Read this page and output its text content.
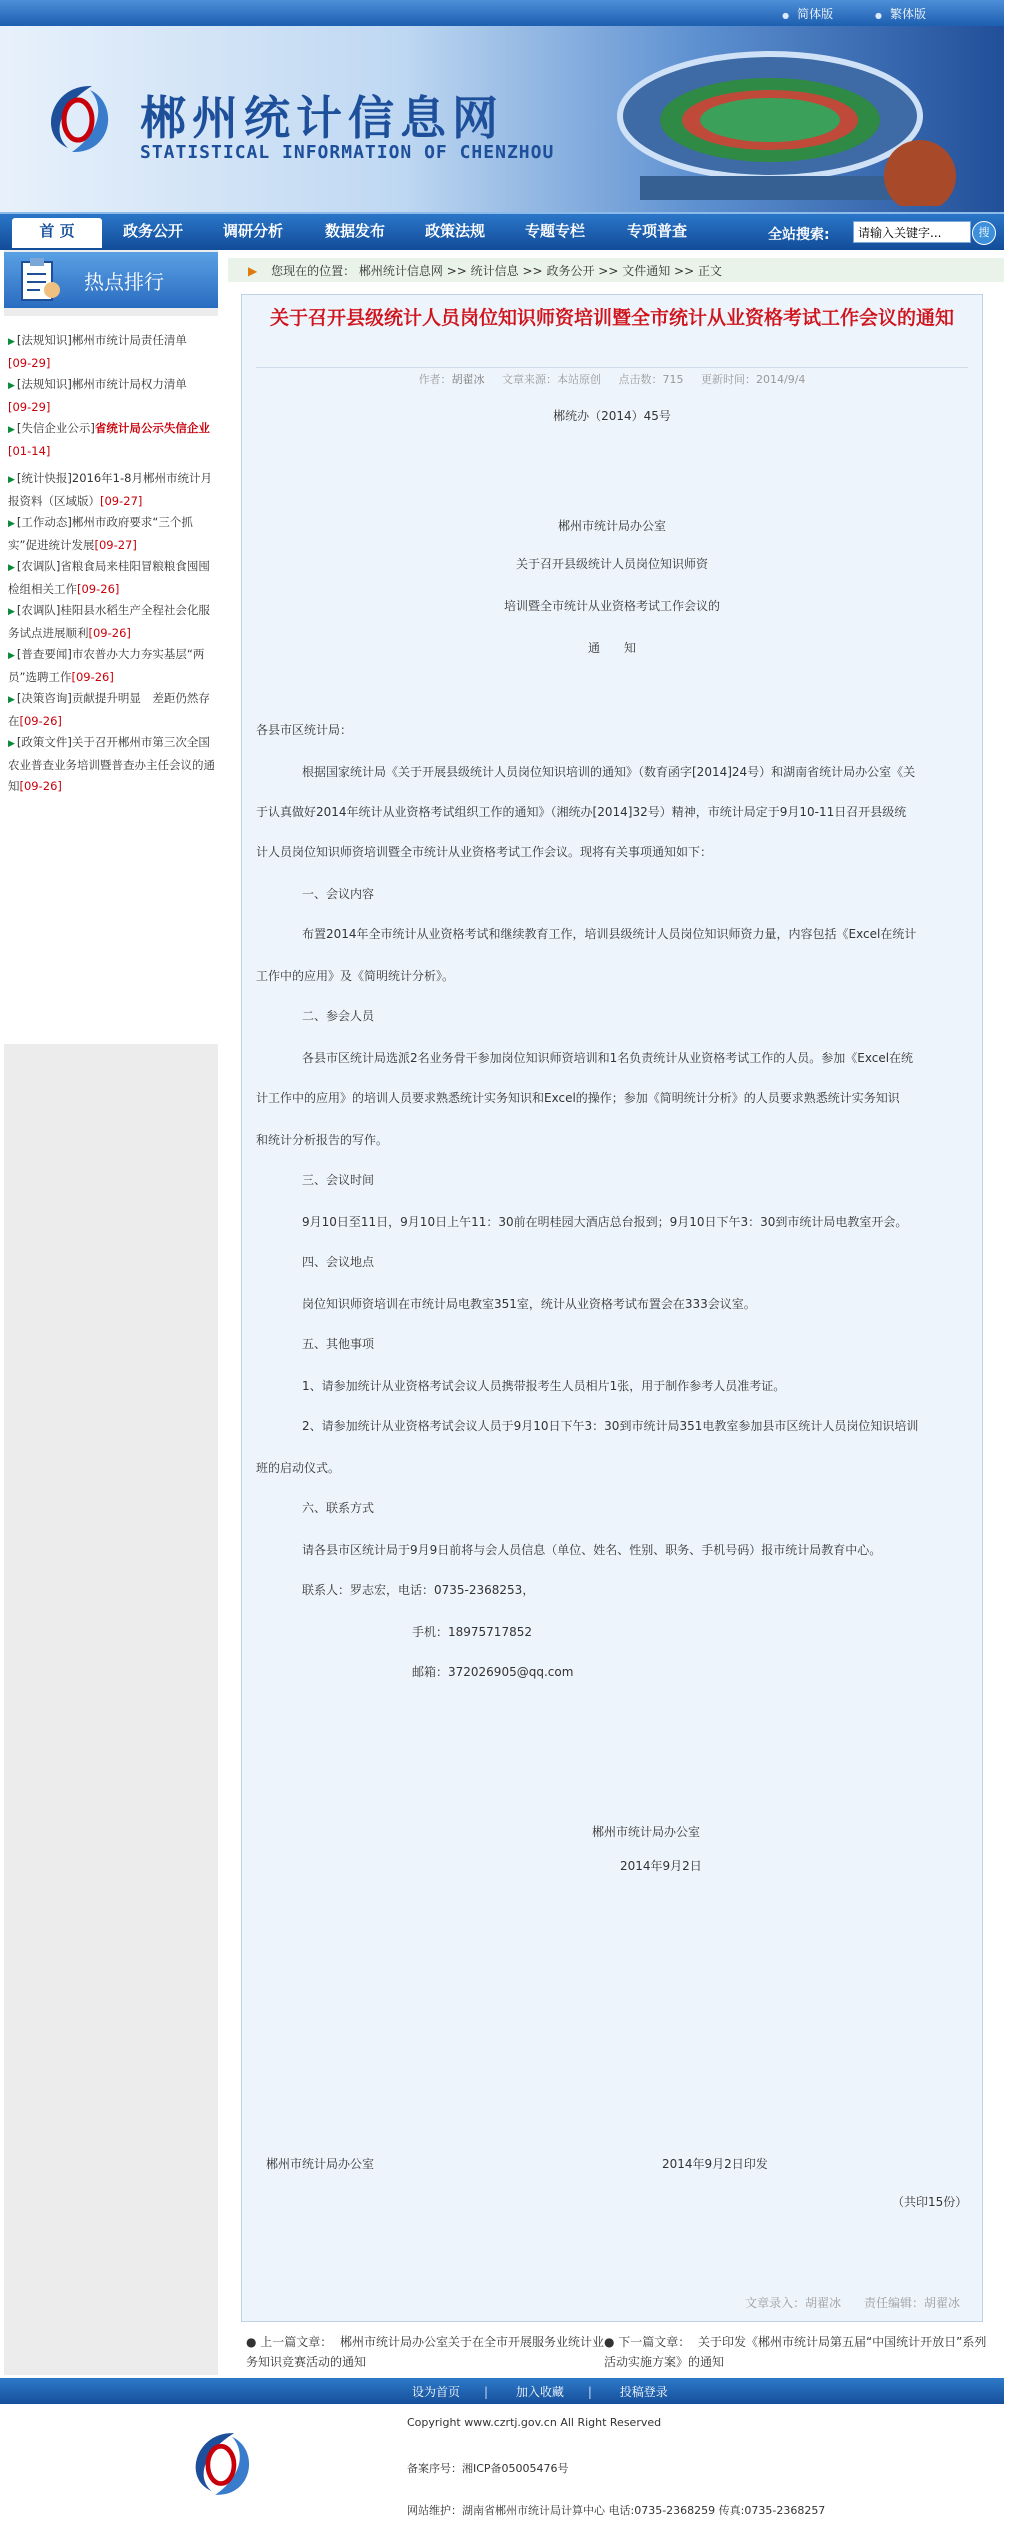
● 简体版 ●	繁体版
郴州统计信息网
STATISTICAL INFORMATION OF CHENZHOU
首 页	政务公开	调研分析	数据发布	政策法规	专题专栏	专项普查	全站搜索:
请输入关键字...	搜
热点排行
▶ [法规知识]郴州市统计局责任清单
[09-29]
▶ [法规知识]郴州市统计局权力清单
[09-29]
▶ [失信企业公示]省统计局公示失信企业[01-14]
▶ [统计快报]2016年1-8月郴州市统计月报资料（区域版）[09-27]
▶ [工作动态]郴州市政府要求“三个抓实”促进统计发展[09-27]
▶ [农调队]省粮食局来桂阳冒粮粮食囤囤检组相关工作[09-26]
▶ [农调队]桂阳县水稻生产全程社会化服务试点进展顺利[09-26]
▶ [普查要闻]市农普办大力夯实基层“两员”选聘工作[09-26]
▶ [决策咨询]贡献提升明显　差距仍然存在[09-26]
▶ [政策文件]关于召开郴州市第三次全国农业普查业务培训暨普查办主任会议的通知[09-26]
▶ 您现在的位置： 郴州统计信息网 >> 统计信息 >> 政务公开 >> 文件通知 >> 正文
关于召开县级统计人员岗位知识师资培训暨全市统计从业资格考试工作会议的通知
作者：胡翟冰 文章来源：本站原创 点击数：715 更新时间：2014/9/4
郴统办（2014）45号
郴州市统计局办公室
关于召开县级统计人员岗位知识师资
培训暨全市统计从业资格考试工作会议的
通　　知
各县市区统计局：
根据国家统计局《关于开展县级统计人员岗位知识培训的通知》（数育函字[2014]24号）和湖南省统计局办公室《关
于认真做好2014年统计从业资格考试组织工作的通知》（湘统办[2014]32号）精神，市统计局定于9月10-11日召开县级统
计人员岗位知识师资培训暨全市统计从业资格考试工作会议。现将有关事项通知如下：
一、会议内容
布置2014年全市统计从业资格考试和继续教育工作，培训县级统计人员岗位知识师资力量，内容包括《Excel在统计
工作中的应用》及《简明统计分析》。
二、参会人员
各县市区统计局选派2名业务骨干参加岗位知识师资培训和1名负责统计从业资格考试工作的人员。参加《Excel在统
计工作中的应用》的培训人员要求熟悉统计实务知识和Excel的操作；参加《简明统计分析》的人员要求熟悉统计实务知识
和统计分析报告的写作。
三、会议时间
9月10日至11日，9月10日上午11：30前在明桂园大酒店总台报到；9月10日下午3：30到市统计局电教室开会。
四、会议地点
岗位知识师资培训在市统计局电教室351室，统计从业资格考试布置会在333会议室。
五、其他事项
1、请参加统计从业资格考试会议人员携带报考生人员相片1张，用于制作参考人员准考证。
2、请参加统计从业资格考试会议人员于9月10日下午3：30到市统计局351电教室参加县市区统计人员岗位知识培训
班的启动仪式。
六、联系方式
请各县市区统计局于9月9日前将与会人员信息（单位、姓名、性别、职务、手机号码）报市统计局教育中心。
联系人：罗志宏，电话：0735-2368253，
手机：18975717852
邮箱：372026905@qq.com
郴州市统计局办公室
2014年9月2日
郴州市统计局办公室	2014年9月2日印发
（共印15份）
文章录入：胡翟冰 责任编辑：胡翟冰
● 上一篇文章： 郴州市统计局办公室关于在全市开展服务业统计业务知识竞赛活动的通知
● 下一篇文章： 关于印发《郴州市统计局第五届“中国统计开放日”系列活动实施方案》的通知
设为首页 | 加入收藏 | 投稿登录
Copyright www.czrtj.gov.cn All Right Reserved
备案序号：湘ICP备05005476号
网站维护：湖南省郴州市统计局计算中心 电话:0735-2368259 传真:0735-2368257
